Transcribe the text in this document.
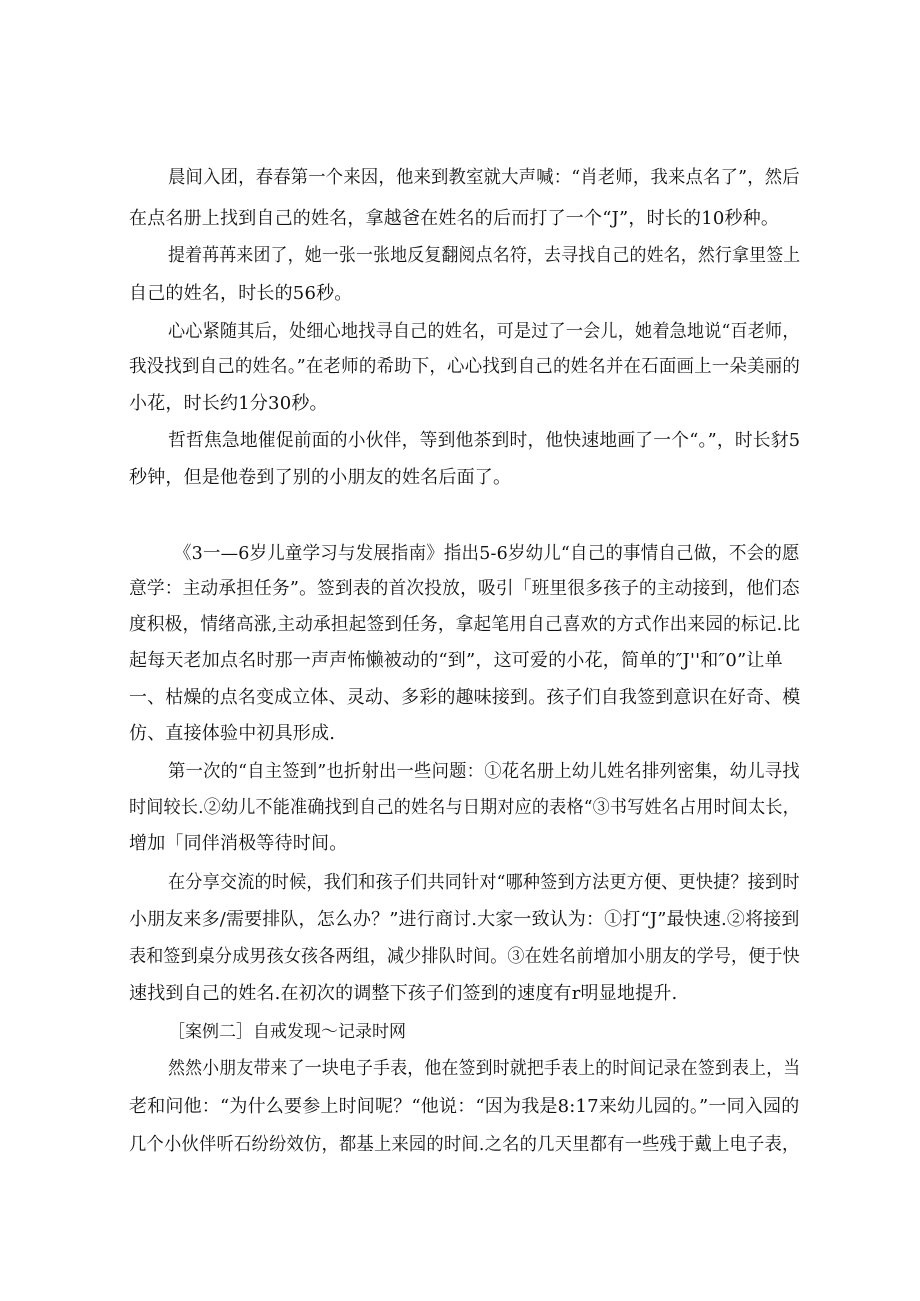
晨间入团，春春第一个来因，他来到教室就大声喊：“肖老师，我来点名了”，然后
在点名册上找到自己的姓名，拿越爸在姓名的后而打了一个“J”，时长的10秒种。
提着苒苒来团了，她一张一张地反复翻阅点名符，去寻找自己的姓名，然行拿里签上
自己的姓名，时长的56秒。
心心紧随其后，处细心地找寻自己的姓名，可是过了一会儿，她着急地说“百老师，
我没找到自己的姓名。”在老师的希助下，心心找到自己的姓名并在石面画上一朵美丽的
小花，时长约1分30秒。
哲哲焦急地催促前面的小伙伴，等到他茶到时，他快速地画了一个“。”，时长豺5
秒钟，但是他卷到了别的小朋友的姓名后面了。
《3一—6岁儿童学习与发展指南》指出5-6岁幼儿“自己的事情自己做，不会的愿
意学：主动承担任务”。签到表的首次投放，吸引「班里很多孩子的主动接到，他们态
度积极，情绪高涨,主动承担起签到任务，拿起笔用自己喜欢的方式作出来园的标记.比
起每天老加点名时那一声声怖懒被动的“到”，这可爱的小花，简单的″J''和″0”让单
一、枯燥的点名变成立体、灵动、多彩的趣味接到。孩子们自我签到意识在好奇、模
仿、直接体验中初具形成.
第一次的“自主签到”也折射出一些问题：①花名册上幼儿姓名排列密集，幼儿寻找
时间较长.②幼儿不能准确找到自己的姓名与日期对应的表格“③书写姓名占用时间太长，
增加「同伴消极等待时间。
在分享交流的时候，我们和孩子们共同针对“哪种签到方法更方便、更快捷？接到时
小朋友来多/需要排队，怎么办？”进行商讨.大家一致认为：①打“J”最快速.②将接到
表和签到桌分成男孩女孩各两组，减少排队时间。③在姓名前增加小朋友的学号，便于快
速找到自己的姓名.在初次的调整下孩子们签到的速度有r明显地提升.
［案例二］自戒发现〜记录时网
然然小朋友带来了一块电子手表，他在签到时就把手表上的时间记录在签到表上，当
老和问他：“为什么要参上时间呢？“他说：“因为我是8:17来幼儿园的。”一同入园的
几个小伙伴听石纷纷效仿，都基上来园的时间.之名的几天里都有一些残于戴上电子表，
